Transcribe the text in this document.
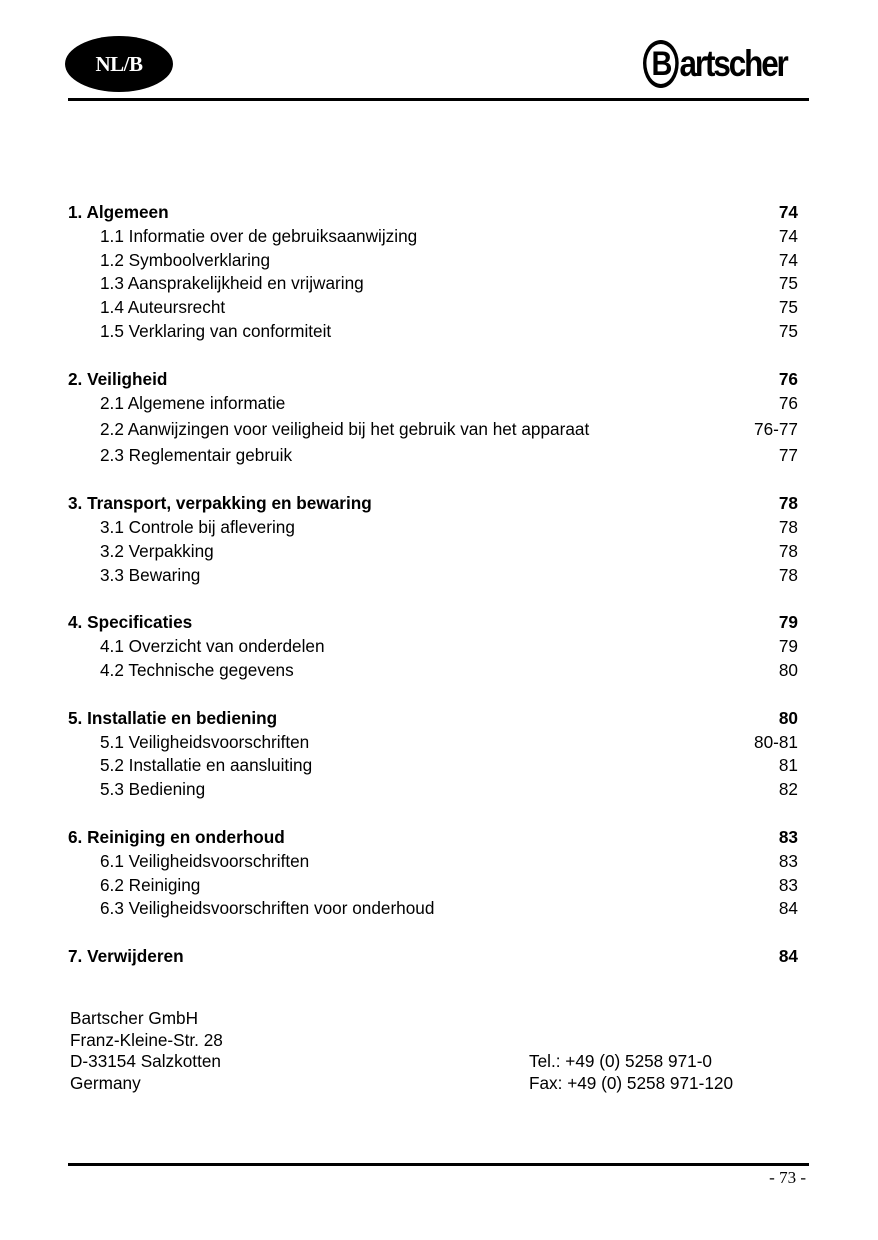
NL/B	B artscher
1. Algemeen	74
1.1 Informatie over de gebruiksaanwijzing	74
1.2 Symboolverklaring	74
1.3 Aansprakelijkheid en vrijwaring	75
1.4 Auteursrecht	75
1.5 Verklaring van conformiteit	75
2. Veiligheid	76
2.1 Algemene informatie	76
2.2 Aanwijzingen voor veiligheid bij het gebruik van het apparaat	76-77
2.3 Reglementair gebruik	77
3. Transport, verpakking en bewaring	78
3.1 Controle bij aflevering	78
3.2 Verpakking	78
3.3 Bewaring	78
4. Specificaties	79
4.1 Overzicht van onderdelen	79
4.2 Technische gegevens	80
5. Installatie en bediening	80
5.1 Veiligheidsvoorschriften	80-81
5.2 Installatie en aansluiting	81
5.3 Bediening	82
6. Reiniging en onderhoud	83
6.1 Veiligheidsvoorschriften	83
6.2 Reiniging	83
6.3 Veiligheidsvoorschriften voor onderhoud	84
7. Verwijderen	84
Bartscher GmbH
Franz-Kleine-Str. 28
D-33154 Salzkotten
Germany
Tel.: +49 (0) 5258 971-0
Fax: +49 (0) 5258 971-120
- 73 -
